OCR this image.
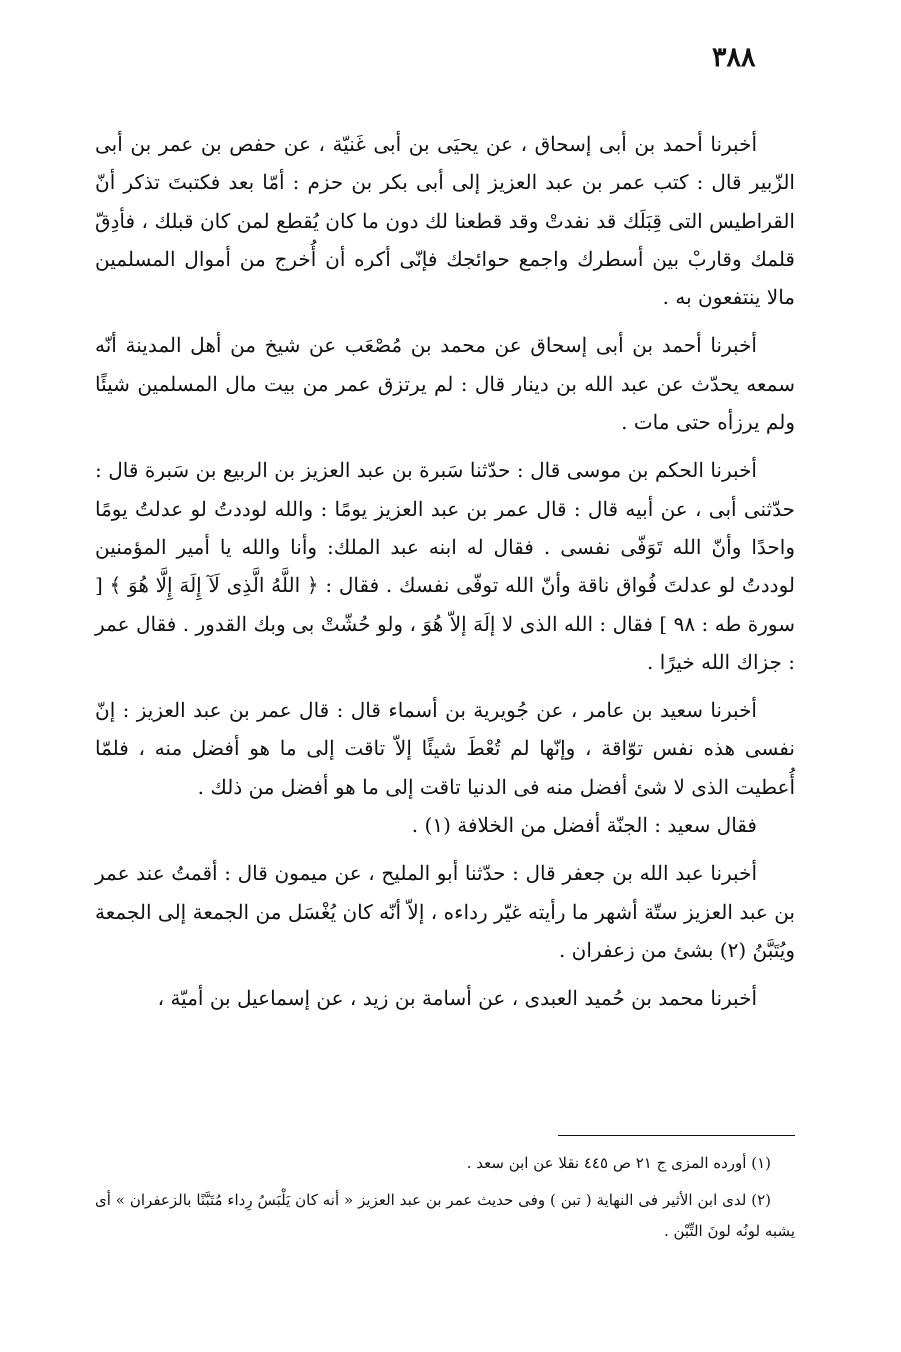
٣٨٨

أخبرنا أحمد بن أبى إسحاق ، عن يحيَى بن أبى غَنيّة ، عن حفص بن عمر بن أبى الزّبير قال : كتب عمر بن عبد العزيز إلى أبى بكر بن حزم : أمّا بعد فكتبتَ تذكر أنّ القراطيس التى قِبَلَك قد نفدتْ وقد قطعنا لك دون ما كان يُقطع لمن كان قبلك ، فأدِقّ قلمك وقاربْ بين أسطرك واجمع حوائجك فإنّى أكره أن أُخرج من أموال المسلمين مالا ينتفعون به .

أخبرنا أحمد بن أبى إسحاق عن محمد بن مُصْعَب عن شيخ من أهل المدينة أنّه سمعه يحدّث عن عبد الله بن دينار قال : لم يرتزق عمر من بيت مال المسلمين شيئًا ولم يرزأه حتى مات .

أخبرنا الحكم بن موسى قال : حدّثنا سَبرة بن عبد العزيز بن الربيع بن سَبرة قال : حدّثنى أبى ، عن أبيه قال : قال عمر بن عبد العزيز يومًا : والله لوددتُ لو عدلتُ يومًا واحدًا وأنّ الله تَوَفّى نفسى . فقال له ابنه عبد الملك: وأنا والله يا أمير المؤمنين لوددتُ لو عدلتَ فُواق ناقة وأنّ الله توفّى نفسك . فقال : ﴿ اللَّهُ الَّذِى لَآ إِلَهَ إِلَّا هُوَ ﴾ [ سورة طه : ٩٨ ] فقال : الله الذى لا إلَهَ إلاّ هُوَ ، ولو حُشّتْ بى وبك القدور . فقال عمر : جزاك الله خيرًا .

أخبرنا سعيد بن عامر ، عن جُويرية بن أسماء قال : قال عمر بن عبد العزيز : إنّ نفسى هذه نفس توّاقة ، وإنّها لم تُعْطَ شيئًا إلاّ تاقت إلى ما هو أفضل منه ، فلمّا أُعطيت الذى لا شئ أفضل منه فى الدنيا تاقت إلى ما هو أفضل من ذلك .

فقال سعيد : الجنّة أفضل من الخلافة (١) .

أخبرنا عبد الله بن جعفر قال : حدّثنا أبو المليح ، عن ميمون قال : أقمتُ عند عمر بن عبد العزيز ستّة أشهر ما رأيته غيّر رداءه ، إلاّ أنّه كان يُغْسَل من الجمعة إلى الجمعة ويُتَبَّنُ (٢) بشئ من زعفران .

أخبرنا محمد بن حُميد العبدى ، عن أسامة بن زيد ، عن إسماعيل بن أميّة ،

(١) أورده المزى ج ٢١ ص ٤٤٥ نقلا عن ابن سعد .

(٢) لدى ابن الأثير فى النهاية ( تبن ) وفى حديث عمر بن عبد العزيز « أنه كان يَلْبَسُ رِداء مُتَبَّنًا بالزعفران » أى يشبه لونُه لونَ التِّبْن .
